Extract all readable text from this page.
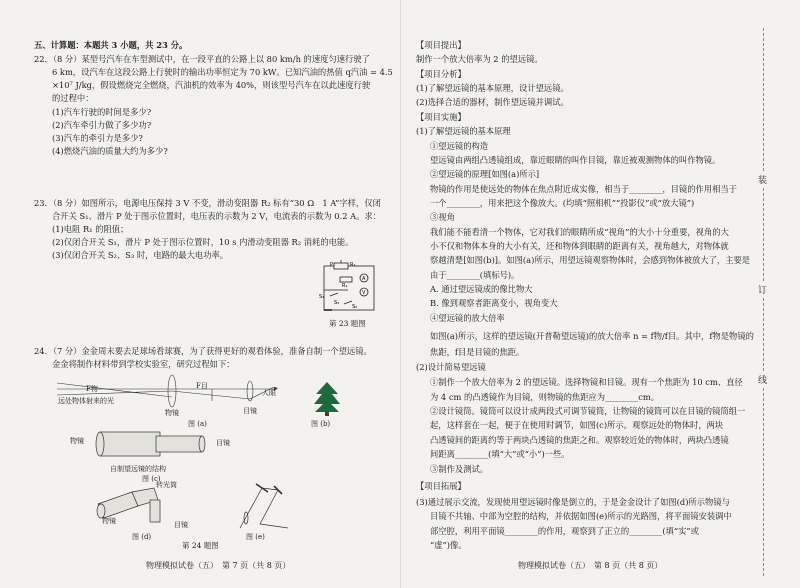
五、计算题：本题共 3 小题，共 23 分。
22．（8 分）某型号汽车在车型测试中，在一段平直的公路上以 80 km/h 的速度匀速行驶了
6 km，设汽车在这段公路上行驶时的输出功率恒定为 70 kW。已知汽油的热值 q汽油 = 4.5
×10⁷ J/kg，假设燃烧完全燃烧，汽油机的效率为 40%，则该型号汽车在以此速度行驶
的过程中：
(1)汽车行驶的时间是多少?
(2)汽车牵引力做了多少功?
(3)汽车的牵引力是多少?
(4)燃烧汽油的质量大约为多少?
23．（8 分）如图所示，电源电压保持 3 V 不变，滑动变阻器 R₂ 标有“30 Ω　1 A”字样，仅闭
合开关 S₁、滑片 P 处于图示位置时，电压表的示数为 2 V，电流表的示数为 0.2 A。求：
(1)电阻 R₁ 的阻值；
(2)仅闭合开关 S₁，滑片 P 处于图示位置时，10 s 内滑动变阻器 R₂ 消耗的电能。
(3)仅闭合开关 S₂、S₃ 时，电路的最大电功率。
P	R₂
R₁
A
V
S₁
S₂
S₃
第 23 题图
24．（7 分）金金周末要去足球场看球赛，为了获得更好的观看体验，准备自制一个望远镜。
金金将制作材料带到学校实验室，研究过程如下：
F物	F目
远处物体射来的光
物镜	目镜
人眼
图 (a)	图 (b)
物镜	目镜
自制望远镜的结构
图 (c)
转光筒
物镜	目镜
图 (d)	图 (e)
第 24 题图
物理模拟试卷（五）　第 7 页（共 8 页）
【项目提出】
制作一个放大倍率为 2 的望远镜。
【项目分析】
(1)了解望远镜的基本原理，设计望远镜。
(2)选择合适的器材，制作望远镜并调试。
【项目实施】
(1)了解望远镜的基本原理
①望远镜的构造
望远镜由两组凸透镜组成，靠近眼睛的叫作目镜，靠近被观测物体的叫作物镜。
②望远镜的原理[如图(a)所示]
物镜的作用是使远处的物体在焦点附近成实像，相当于________，目镜的作用相当于
一个________，用来把这个像放大。(均填“照相机”“投影仪”或“放大镜”)
③视角
我们能不能看清一个物体，它对我们的眼睛所成“视角”的大小十分重要，视角的大
小不仅和物体本身的大小有关，还和物体到眼睛的距离有关，视角越大，对物体就
察越清楚[如图(b)]。如图(a)所示，用望远镜观察物体时，会感到物体被放大了，主要是
由于________(填标号)。
A. 通过望远镜成的像比物大
B. 像到观察者距离变小，视角变大
④望远镜的放大倍率
如图(a)所示，这样的望远镜(开普勒望远镜)的放大倍率 n = f物/f目。其中，f物是物镜的
焦距，f目是目镜的焦距。
(2)设计简易望远镜
①制作一个放大倍率为 2 的望远镜。选择物镜和目镜。现有一个焦距为 10 cm、直径
为 4 cm 的凸透镜作为目镜，则物镜的焦距应为________cm。
②设计镜筒。镜筒可以设计成两段式可调节镜筒，让物镜的镜筒可以在目镜的镜筒组一
起，这样套在一起，便于在使用时调节，如图(c)所示。观察远处的物体时，两块
凸透镜间的距离约等于两块凸透镜的焦距之和。观察较近处的物体时，两块凸透镜
间距离________(填“大”或“小”)一些。
③制作及测试。
【项目拓展】
(3)通过展示交流，发现使用望远镜时像是倒立的，于是金金设计了如图(d)所示物镜与
目镜不共轴、中部为空腔的结构，并依据如图(e)所示的光路图，将平面镜安装调中
部空腔，利用平面镜________的作用，观察到了正立的________(填“实”或
“虚”)像。
物理模拟试卷（五）　第 8 页（共 8 页）
装
订
线
